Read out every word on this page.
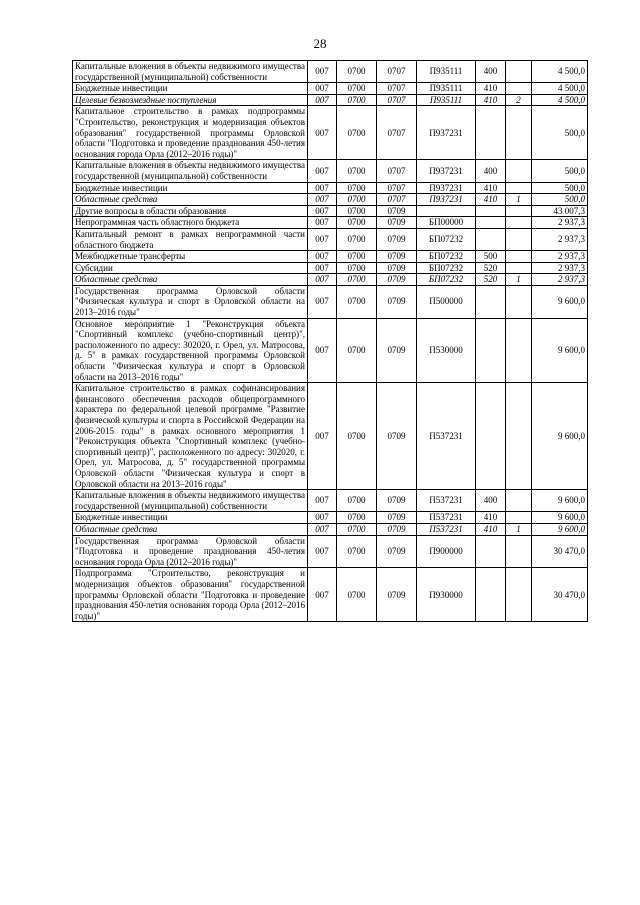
28
Капитальные вложения в объекты недвижимого имущества государственной (муниципальной) собственности	007	0700	0707	П935111	400		4 500,0
Бюджетные инвестиции	007	0700	0707	П935111	410		4 500,0
Целевые безвозмездные поступления	007	0700	0707	П935111	410	2	4 500,0
Капитальное строительство в рамках подпрограммы "Строительство, реконструкция и модернизация объектов образования" государственной программы Орловской области "Подготовка и проведение празднования 450-летия основания города Орла (2012–2016 годы)"	007	0700	0707	П937231			500,0
Капитальные вложения в объекты недвижимого имущества государственной (муниципальной) собственности	007	0700	0707	П937231	400		500,0
Бюджетные инвестиции	007	0700	0707	П937231	410		500,0
Областные средства	007	0700	0707	П937231	410	1	500,0
Другие вопросы в области образования	007	0700	0709				43 007,3
Непрограммная часть областного бюджета	007	0700	0709	БП00000			2 937,3
Капитальный ремонт в рамках непрограммной части областного бюджета	007	0700	0709	БП07232			2 937,3
Межбюджетные трансферты	007	0700	0709	БП07232	500		2 937,3
Субсидии	007	0700	0709	БП07232	520		2 937,3
Областные средства	007	0700	0709	БП07232	520	1	2 937,3
Государственная программа Орловской области "Физическая культура и спорт в Орловской области на 2013–2016 годы"	007	0700	0709	П500000			9 600,0
Основное мероприятие 1 "Реконструкция объекта "Спортивный комплекс (учебно-спортивный центр)", расположенного по адресу: 302020, г. Орел, ул. Матросова, д. 5" в рамках государственной программы Орловской области "Физическая культура и спорт в Орловской области на 2013–2016 годы"	007	0700	0709	П530000			9 600,0
Капитальное строительство в рамках софинансирования финансового обеспечения расходов общепрограммного характера по федеральной целевой программе "Развитие физической культуры и спорта в Российской Федерации на 2006-2015 годы" в рамках основного мероприятия 1 "Реконструкция объекта "Спортивный комплекс (учебно-спортивный центр)", расположенного по адресу: 302020, г. Орел, ул. Матросова, д. 5" государственной программы Орловской области "Физическая культура и спорт в Орловской области на 2013–2016 годы"	007	0700	0709	П537231			9 600,0
Капитальные вложения в объекты недвижимого имущества государственной (муниципальной) собственности	007	0700	0709	П537231	400		9 600,0
Бюджетные инвестиции	007	0700	0709	П537231	410		9 600,0
Областные средства	007	0700	0709	П537231	410	1	9 600,0
Государственная программа Орловской области "Подготовка и проведение празднования 450-летия основания города Орла (2012–2016 годы)"	007	0700	0709	П900000			30 470,0
Подпрограмма "Строительство, реконструкция и модернизация объектов образования" государственной программы Орловской области "Подготовка и проведение празднования 450-летия основания города Орла (2012–2016 годы)"	007	0700	0709	П930000			30 470,0
